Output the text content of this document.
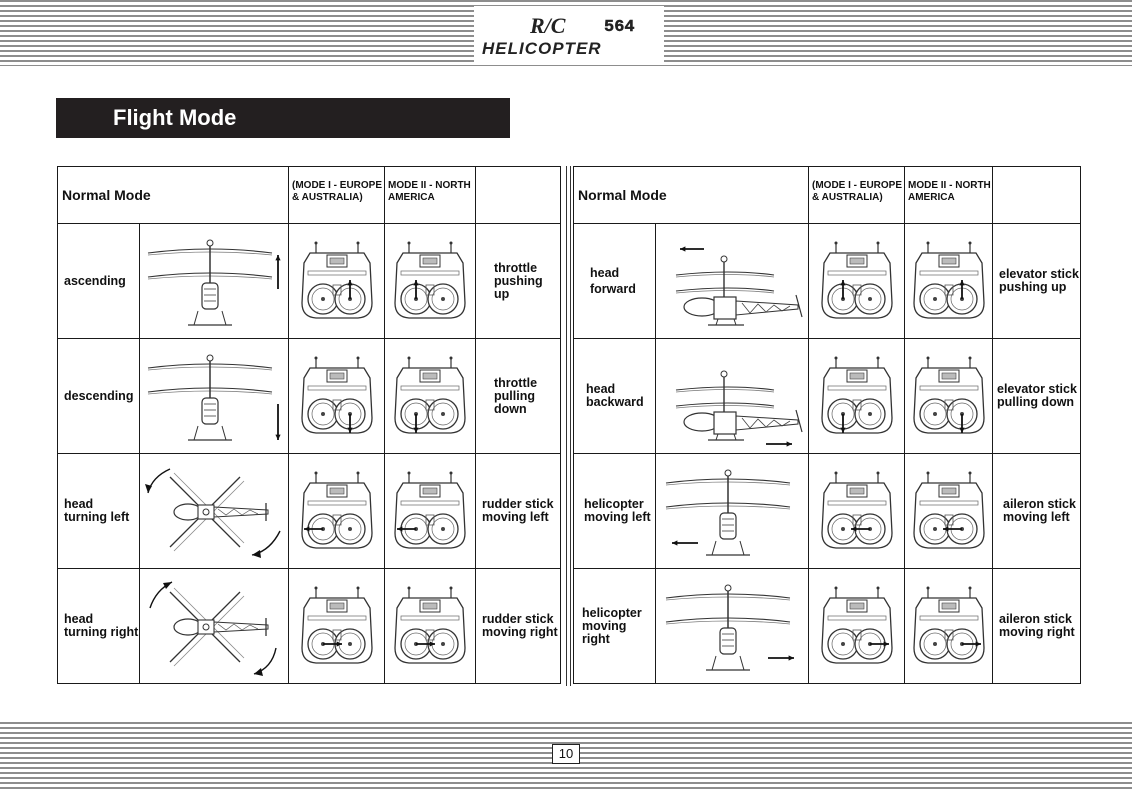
R/C 564
HELICOPTER
Flight Mode
Normal Mode		(MODE I - EUROPE & AUSTRALIA)	MODE II - NORTH AMERICA	
ascending				throttle pushing up
descending				throttle pulling down
head turning left				rudder stick moving left
head turning right				rudder stick moving right
Normal Mode		(MODE I - EUROPE & AUSTRALIA)	MODE II - NORTH AMERICA	
head forward				elevator stick pushing up
head backward				elevator stick pulling down
helicopter moving left				aileron stick moving left
helicopter moving right				aileron stick moving right
10
